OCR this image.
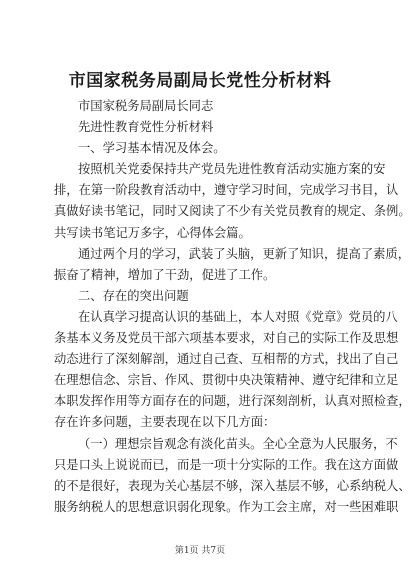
市国家税务局副局长党性分析材料
市国家税务局副局长同志
先进性教育党性分析材料
一、学习基本情况及体会。
按照机关党委保持共产党员先进性教育活动实施方案的安
排，在第一阶段教育活动中，遵守学习时间，完成学习书目，认
真做好读书笔记，同时又阅读了不少有关党员教育的规定、条例。
共写读书笔记万多字，心得体会篇。
通过两个月的学习，武装了头脑，更新了知识，提高了素质，
振奋了精神，增加了干劲，促进了工作。
二、存在的突出问题
在认真学习提高认识的基础上，本人对照《党章》党员的八
条基本义务及党员干部六项基本要求，对自己的实际工作及思想
动态进行了深刻解剖，通过自己查、互相帮的方式，找出了自己
在理想信念、宗旨、作风、贯彻中央决策精神、遵守纪律和立足
本职发挥作用等方面存在的问题，进行深刻剖析，认真对照检查，
存在许多问题，主要表现在以下几方面：
（一）理想宗旨观念有淡化苗头。全心全意为人民服务，不
只是口头上说说而已，而是一项十分实际的工作。我在这方面做
的不是很好，表现为关心基层不够，深入基层不够，心系纳税人、
服务纳税人的思想意识弱化现象。作为工会主席，对一些困难职
第1页 共7页
